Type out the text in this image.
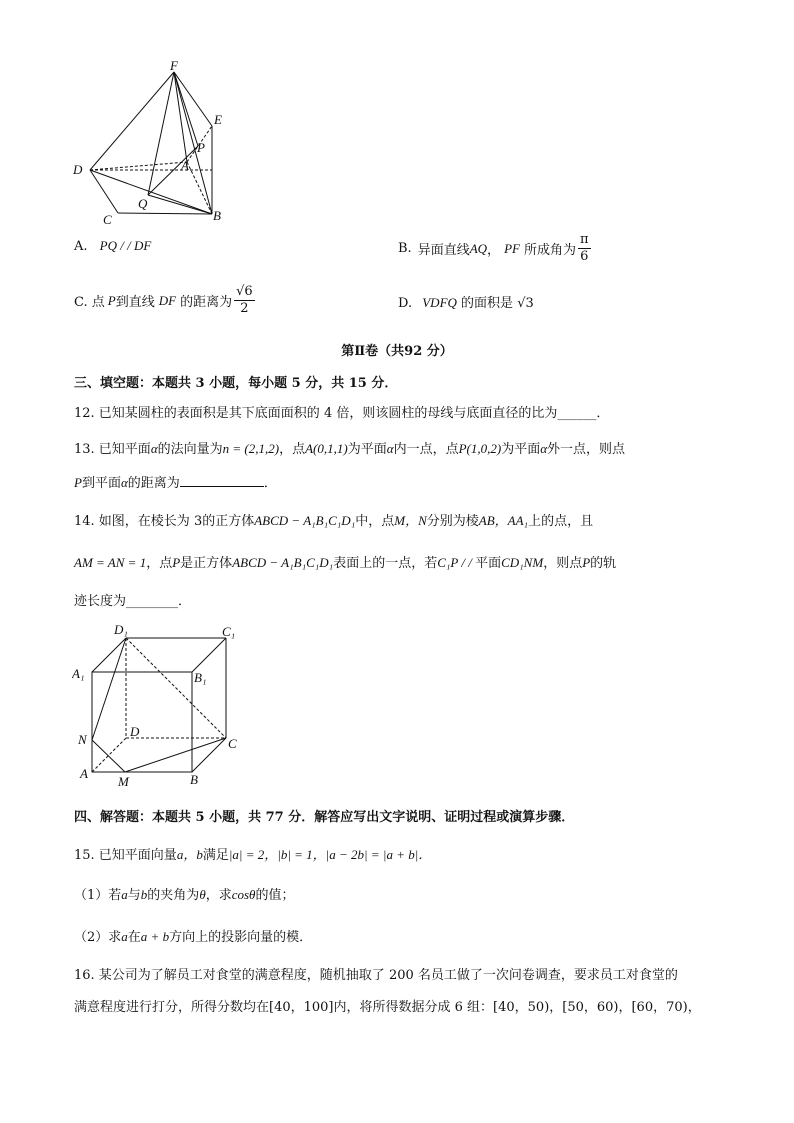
F
E
P
A
D
Q
C	B
A. PQ / / DF	B. 异面直线 AQ ， PF 所成角为 $\frac{\pi}{6}$
C. 点 P 到直线 DF 的距离为 $\frac{√6}{2}$	D. VDFQ 的面积是 √3
第Ⅱ卷（共92 分）
三、填空题：本题共 3 小题，每小题 5 分，共 15 分．
12. 已知某圆柱的表面积是其下底面面积的 4 倍，则该圆柱的母线与底面直径的比为______．
13. 已知平面α的法向量为n = (2,1,2)，点A(0,1,1)为平面α内一点，点P(1,0,2)为平面α外一点，则点
P到平面α的距离为	．
14. 如图，在棱长为 3的正方体ABCD − A₁B₁C₁D₁中，点M，N分别为棱AB，AA₁上的点，且
AM = AN = 1，点P是正方体ABCD − A₁B₁C₁D₁表面上的一点，若C₁P / / 平面CD₁NM，则点P的轨
迹长度为________．
D₁	C₁
A₁	B₁
D
N	C
A
M	B
四、解答题：本题共 5 小题，共 77 分．解答应写出文字说明、证明过程或演算步骤．
15. 已知平面向量a，b满足|a| = 2，|b| = 1，|a − 2b| = |a + b|．
（1）若a与b的夹角为θ，求cosθ的值；
（2）求a在a + b方向上的投影向量的模．
16. 某公司为了解员工对食堂的满意程度，随机抽取了 200 名员工做了一次问卷调查，要求员工对食堂的
满意程度进行打分，所得分数均在[40，100]内，将所得数据分成 6 组：[40，50)，[50，60)，[60，70)，
